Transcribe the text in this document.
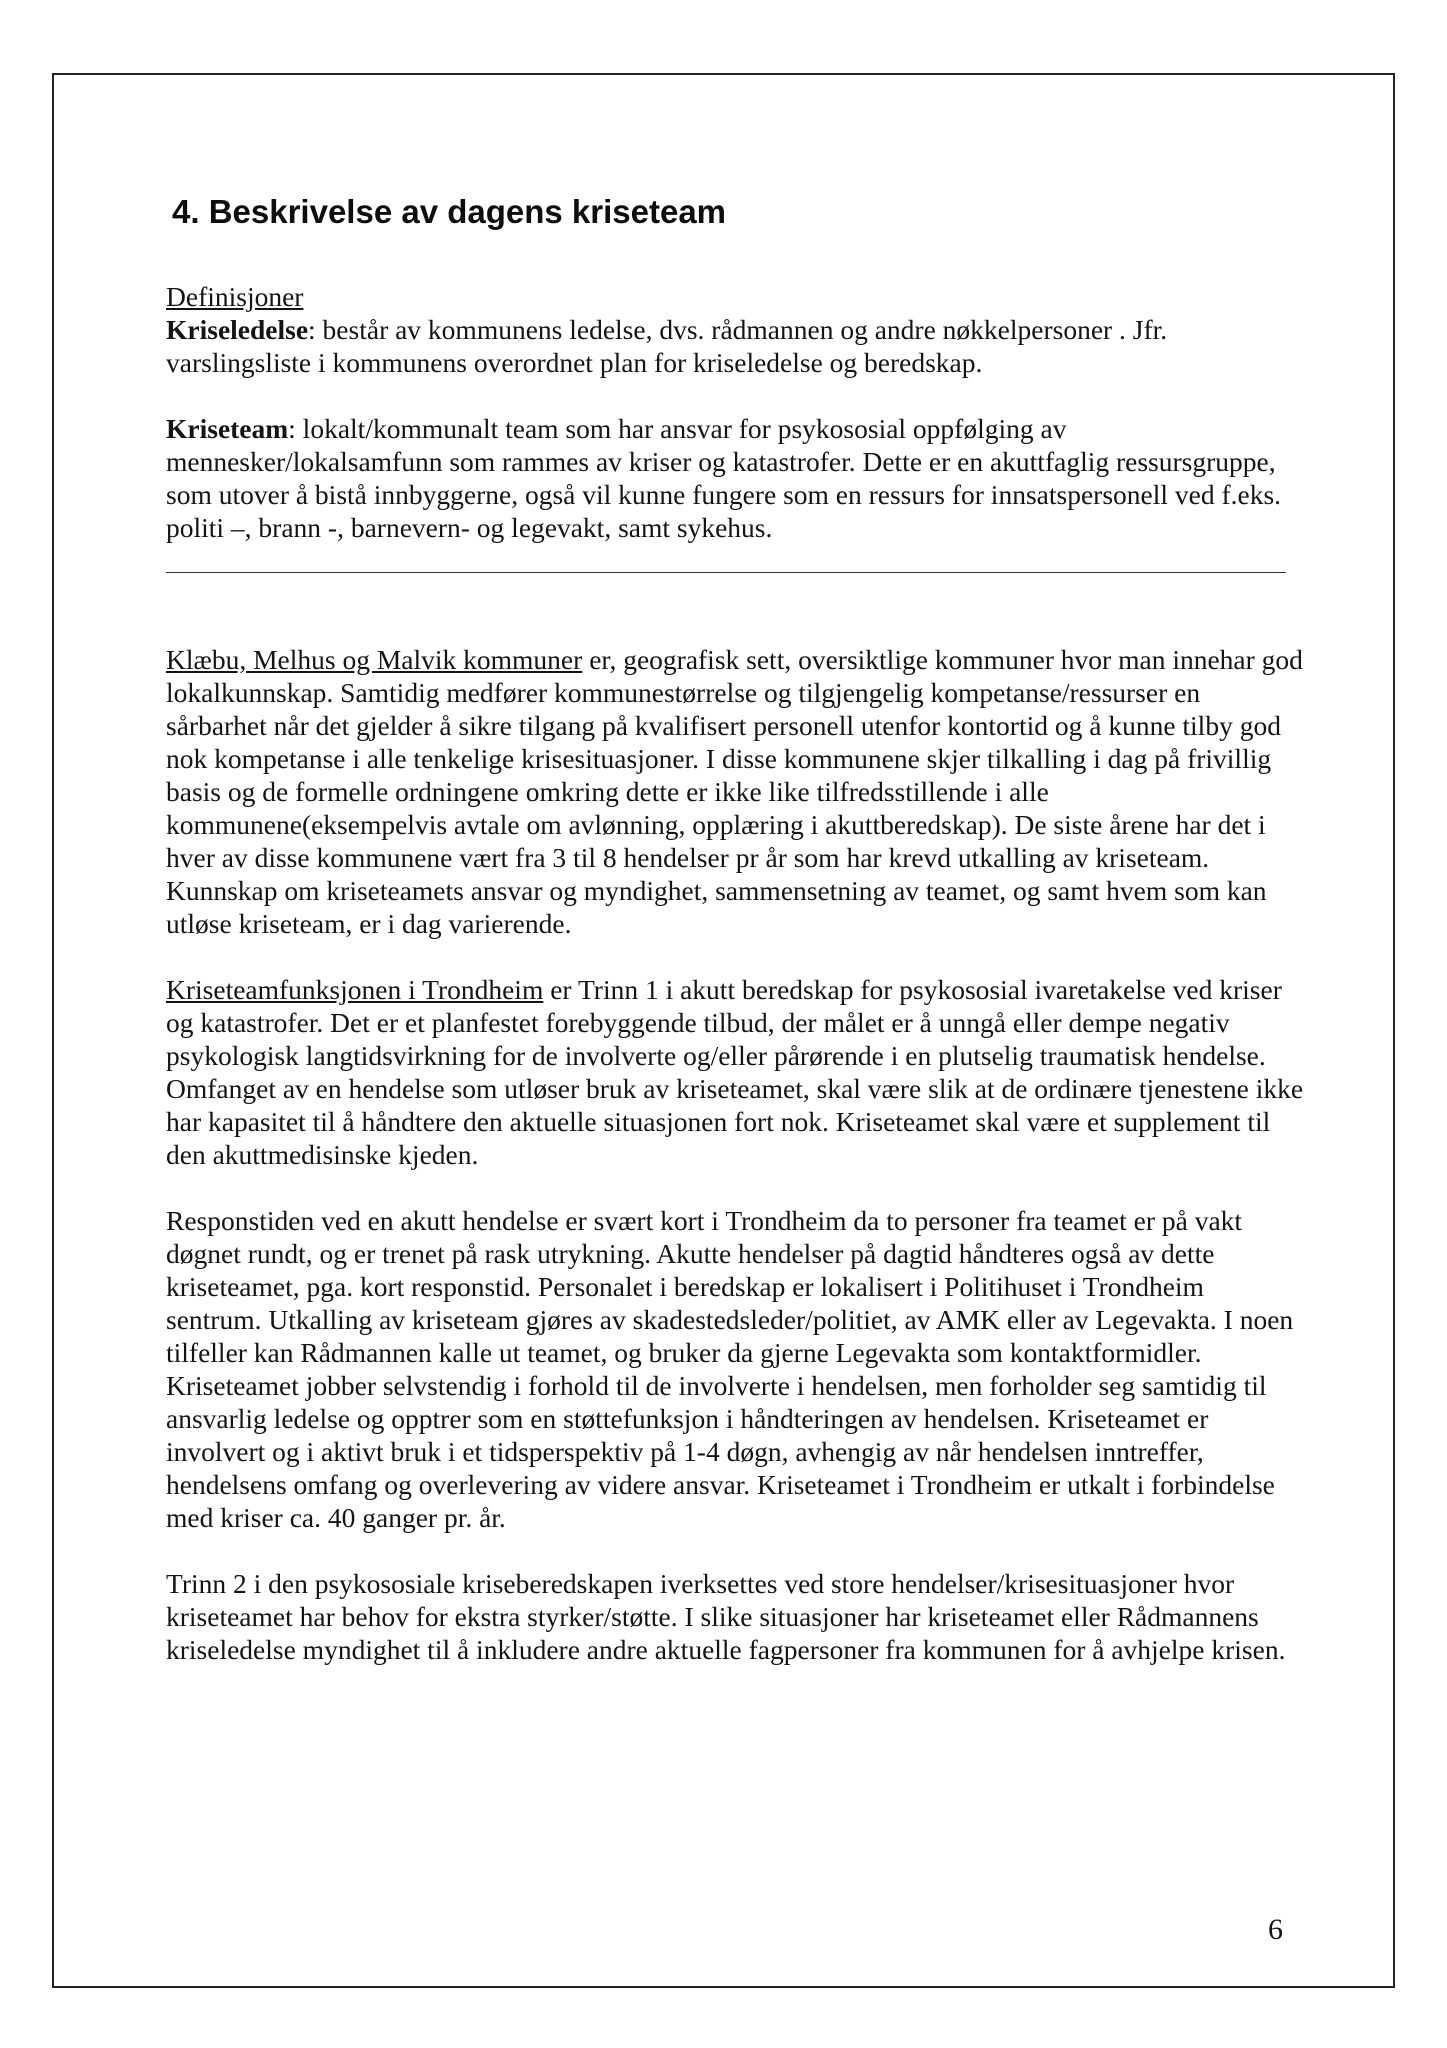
4. Beskrivelse av dagens kriseteam

Definisjoner

Kriseledelse: består av kommunens ledelse, dvs. rådmannen og andre nøkkelpersoner . Jfr. varslingsliste i kommunens overordnet plan for kriseledelse og beredskap.

Kriseteam: lokalt/kommunalt team som har ansvar for psykososial oppfølging av mennesker/lokalsamfunn som rammes av kriser og katastrofer. Dette er en akuttfaglig ressursgruppe, som utover å bistå innbyggerne, også vil kunne fungere som en ressurs for innsatspersonell ved f.eks. politi –, brann -, barnevern- og legevakt, samt sykehus.

Klæbu, Melhus og Malvik kommuner er, geografisk sett, oversiktlige kommuner hvor man innehar god lokalkunnskap. Samtidig medfører kommunestørrelse og tilgjengelig kompetanse/ressurser en sårbarhet når det gjelder å sikre tilgang på kvalifisert personell utenfor kontortid og å kunne tilby god nok kompetanse i alle tenkelige krisesituasjoner. I disse kommunene skjer tilkalling i dag på frivillig basis og de formelle ordningene omkring dette er ikke like tilfredsstillende i alle kommunene(eksempelvis avtale om avlønning, opplæring i akuttberedskap). De siste årene har det i hver av disse kommunene vært fra 3 til 8 hendelser pr år som har krevd utkalling av kriseteam. Kunnskap om kriseteamets ansvar og myndighet, sammensetning av teamet, og samt hvem som kan utløse kriseteam, er i dag varierende.

Kriseteamfunksjonen i Trondheim er Trinn 1 i akutt beredskap for psykososial ivaretakelse ved kriser og katastrofer. Det er et planfestet forebyggende tilbud, der målet er å unngå eller dempe negativ psykologisk langtidsvirkning for de involverte og/eller pårørende i en plutselig traumatisk hendelse. Omfanget av en hendelse som utløser bruk av kriseteamet, skal være slik at de ordinære tjenestene ikke har kapasitet til å håndtere den aktuelle situasjonen fort nok. Kriseteamet skal være et supplement til den akuttmedisinske kjeden.

Responstiden ved en akutt hendelse er svært kort i Trondheim da to personer fra teamet er på vakt døgnet rundt, og er trenet på rask utrykning. Akutte hendelser på dagtid håndteres også av dette kriseteamet, pga. kort responstid. Personalet i beredskap er lokalisert i Politihuset i Trondheim sentrum. Utkalling av kriseteam gjøres av skadestedsleder/politiet, av AMK eller av Legevakta. I noen tilfeller kan Rådmannen kalle ut teamet, og bruker da gjerne Legevakta som kontaktformidler. Kriseteamet jobber selvstendig i forhold til de involverte i hendelsen, men forholder seg samtidig til ansvarlig ledelse og opptrer som en støttefunksjon i håndteringen av hendelsen. Kriseteamet er involvert og i aktivt bruk i et tidsperspektiv på 1-4 døgn, avhengig av når hendelsen inntreffer, hendelsens omfang og overlevering av videre ansvar. Kriseteamet i Trondheim er utkalt i forbindelse med kriser ca. 40 ganger pr. år.

Trinn 2 i den psykososiale kriseberedskapen iverksettes ved store hendelser/krisesituasjoner hvor kriseteamet har behov for ekstra styrker/støtte. I slike situasjoner har kriseteamet eller Rådmannens kriseledelse myndighet til å inkludere andre aktuelle fagpersoner fra kommunen for å avhjelpe krisen.

6
